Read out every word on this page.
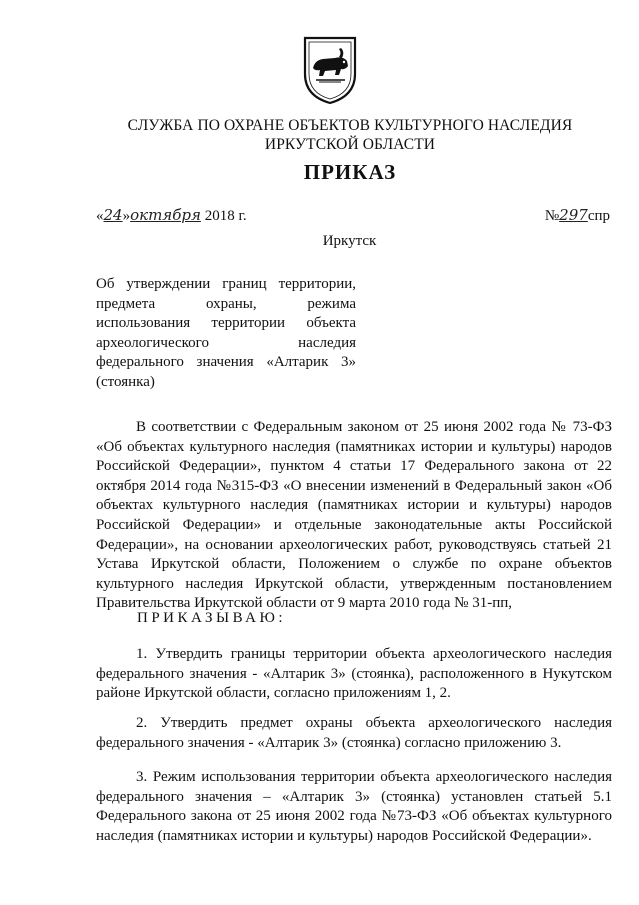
СЛУЖБА ПО ОХРАНЕ ОБЪЕКТОВ КУЛЬТУРНОГО НАСЛЕДИЯ
ИРКУТСКОЙ ОБЛАСТИ
ПРИКАЗ
«24»октября 2018 г.	№297спр
Иркутск
Об утверждении границ территории,
предмета охраны, режима
использования территории объекта
археологического наследия
федерального значения «Алтарик 3»
(стоянка)
В соответствии с Федеральным законом от 25 июня 2002 года № 73-ФЗ
«Об объектах культурного наследия (памятниках истории и культуры) народов
Российской Федерации», пунктом 4 статьи 17 Федерального закона от 22
октября 2014 года №315-ФЗ «О внесении изменений в Федеральный закон «Об
объектах культурного наследия (памятниках истории и культуры) народов
Российской Федерации» и отдельные законодательные акты Российской
Федерации», на основании археологических работ, руководствуясь статьей 21
Устава Иркутской области, Положением о службе по охране объектов
культурного наследия Иркутской области, утвержденным постановлением
Правительства Иркутской области от 9 марта 2010 года № 31-пп,
ПРИКАЗЫВАЮ:
1. Утвердить границы территории объекта археологического наследия
федерального значения - «Алтарик 3» (стоянка), расположенного в Нукутском
районе Иркутской области, согласно приложениям 1, 2.
2. Утвердить предмет охраны объекта археологического наследия
федерального значения - «Алтарик 3» (стоянка) согласно приложению 3.
3. Режим использования территории объекта археологического наследия
федерального значения – «Алтарик 3» (стоянка) установлен статьей 5.1
Федерального закона от 25 июня 2002 года №73-ФЗ «Об объектах культурного
наследия (памятниках истории и культуры) народов Российской Федерации».
